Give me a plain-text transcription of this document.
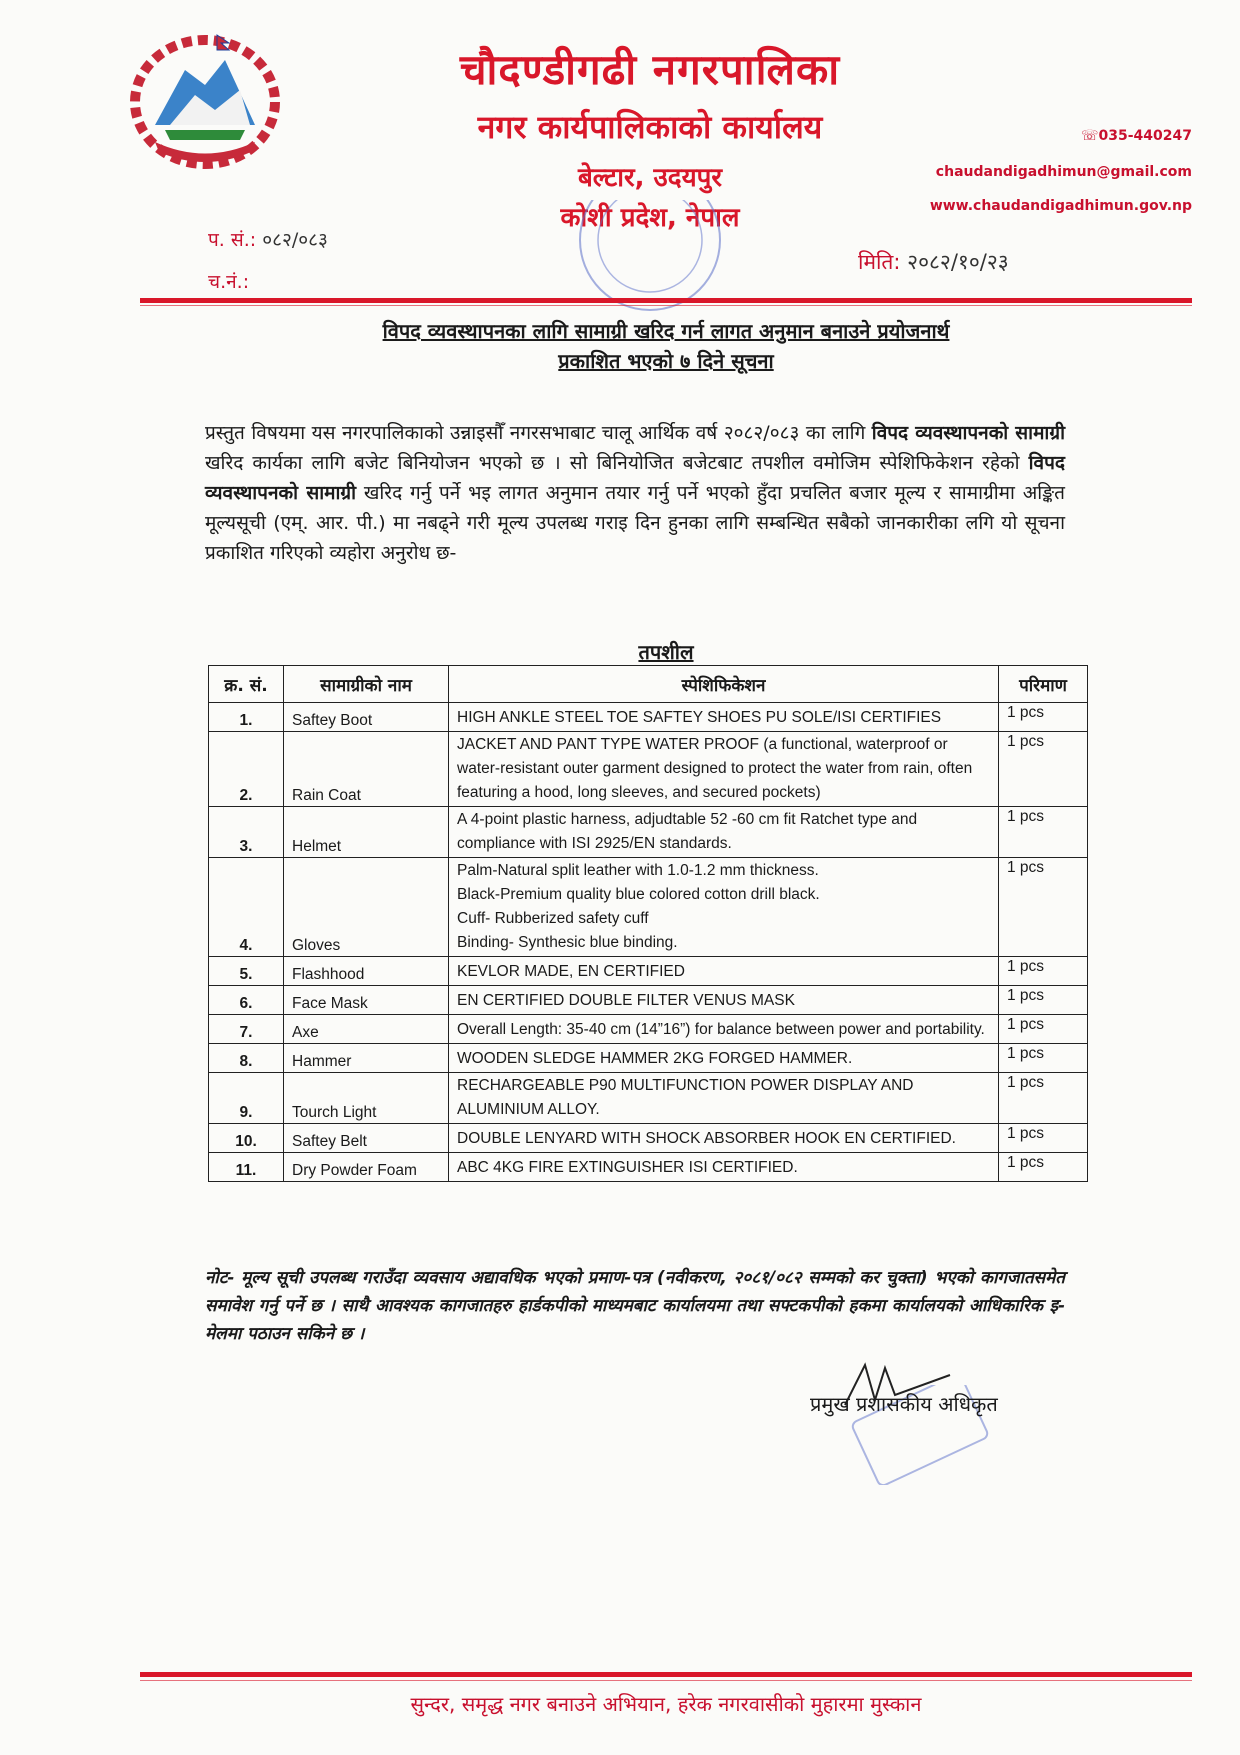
चौदण्डीगढी नगरपालिका
नगर कार्यपालिकाको कार्यालय
बेल्टार, उदयपुर
कोशी प्रदेश, नेपाल
☏035-440247
chaudandigadhimun@gmail.com
www.chaudandigadhimun.gov.np
प. सं.: ०८२/०८३
च.नं.:
मिति: २०८२/१०/२३
विपद व्यवस्थापनका लागि सामाग्री खरिद गर्न लागत अनुमान बनाउने प्रयोजनार्थ
प्रकाशित भएको ७ दिने सूचना
प्रस्तुत विषयमा यस नगरपालिकाको उन्नाइसौँ नगरसभाबाट चालू आर्थिक वर्ष २०८२/०८३ का लागि विपद व्यवस्थापनको सामाग्री खरिद कार्यका लागि बजेट बिनियोजन भएको छ । सो बिनियोजित बजेटबाट तपशील वमोजिम स्पेशिफिकेशन रहेको विपद व्यवस्थापनको सामाग्री खरिद गर्नु पर्ने भइ लागत अनुमान तयार गर्नु पर्ने भएको हुँदा प्रचलित बजार मूल्य र सामाग्रीमा अङ्कित मूल्यसूची (एम्. आर. पी.) मा नबढ्ने गरी मूल्य उपलब्ध गराइ दिन हुनका लागि सम्बन्धित सबैको जानकारीका लगि यो सूचना प्रकाशित गरिएको व्यहोरा अनुरोध छ-
तपशील
क्र. सं.	सामाग्रीको नाम	स्पेशिफिकेशन	परिमाण
1.	Saftey Boot	HIGH ANKLE STEEL TOE SAFTEY SHOES PU SOLE/ISI CERTIFIES	1 pcs
2.	Rain Coat	JACKET AND PANT TYPE WATER PROOF (a functional, waterproof or water-resistant outer garment designed to protect the water from rain, often featuring a hood, long sleeves, and secured pockets)	1 pcs
3.	Helmet	A 4-point plastic harness, adjudtable 52 -60 cm fit Ratchet type and compliance with ISI 2925/EN standards.	1 pcs
4.	Gloves	Palm-Natural split leather with 1.0-1.2 mm thickness.
Black-Premium quality blue colored cotton drill black.
Cuff- Rubberized safety cuff
Binding- Synthesic blue binding.	1 pcs
5.	Flashhood	KEVLOR MADE, EN CERTIFIED	1 pcs
6.	Face Mask	EN CERTIFIED DOUBLE FILTER VENUS MASK	1 pcs
7.	Axe	Overall Length: 35-40 cm (14”16”) for balance between power and portability.	1 pcs
8.	Hammer	WOODEN SLEDGE HAMMER 2KG FORGED HAMMER.	1 pcs
9.	Tourch Light	RECHARGEABLE P90 MULTIFUNCTION POWER DISPLAY AND ALUMINIUM ALLOY.	1 pcs
10.	Saftey Belt	DOUBLE LENYARD WITH SHOCK ABSORBER HOOK EN CERTIFIED.	1 pcs
11.	Dry Powder Foam	ABC 4KG FIRE EXTINGUISHER ISI CERTIFIED.	1 pcs
नोट- मूल्य सूची उपलब्ध गराउँदा व्यवसाय अद्यावधिक भएको प्रमाण-पत्र (नवीकरण, २०८१/०८२ सम्मको कर चुक्ता) भएको कागजातसमेत समावेश गर्नु पर्ने छ । साथै आवश्यक कागजातहरु हार्डकपीको माध्यमबाट कार्यालयमा तथा सफ्टकपीको हकमा कार्यालयको आधिकारिक इ-मेलमा पठाउन सकिने छ ।
प्रमुख प्रशासकीय अधिकृत
सुन्दर, समृद्ध नगर बनाउने अभियान, हरेक नगरवासीको मुहारमा मुस्कान
